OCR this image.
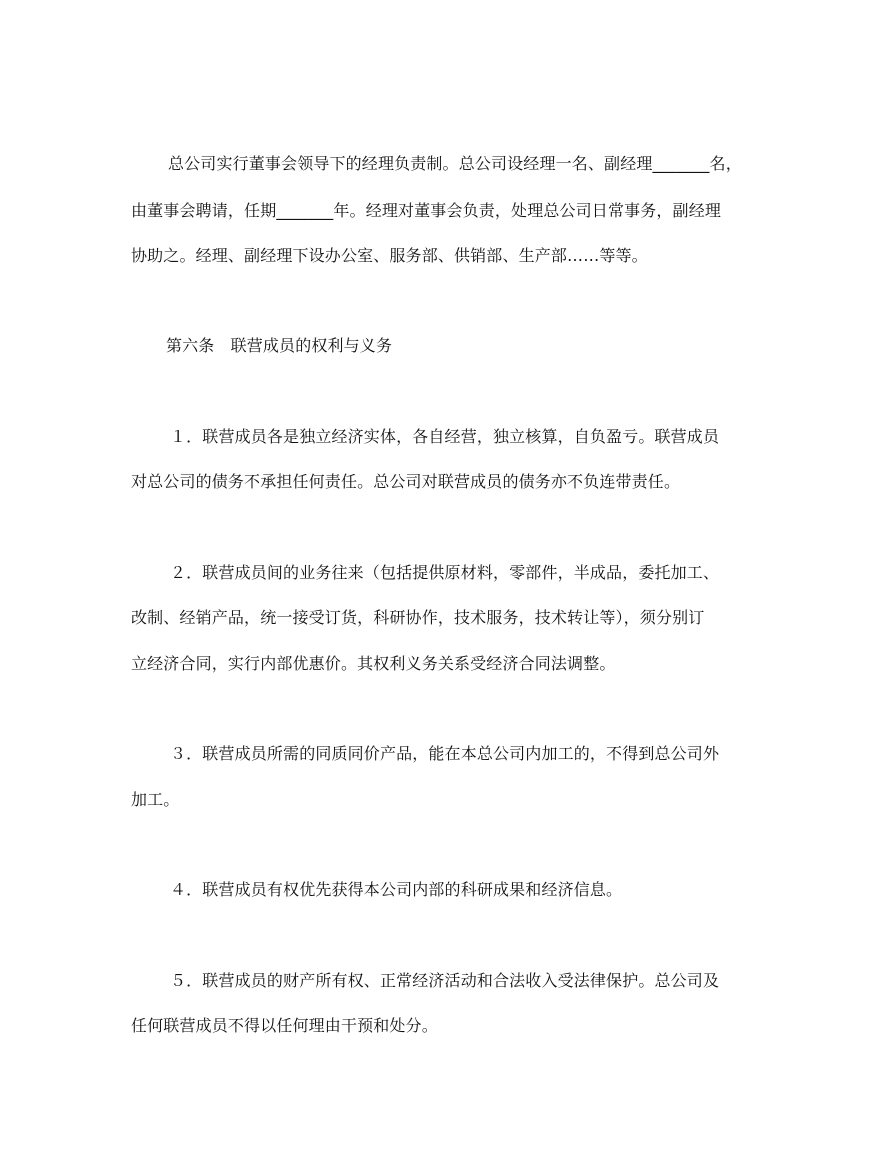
总公司实行董事会领导下的经理负责制。总公司设经理一名、副经理_______名，
由董事会聘请，任期_______年。经理对董事会负责，处理总公司日常事务，副经理
协助之。经理、副经理下设办公室、服务部、供销部、生产部……等等。
第六条　联营成员的权利与义务
１．联营成员各是独立经济实体，各自经营，独立核算，自负盈亏。联营成员
对总公司的债务不承担任何责任。总公司对联营成员的债务亦不负连带责任。
２．联营成员间的业务往来（包括提供原材料，零部件，半成品，委托加工、
改制、经销产品，统一接受订货，科研协作，技术服务，技术转让等），须分别订
立经济合同，实行内部优惠价。其权利义务关系受经济合同法调整。
３．联营成员所需的同质同价产品，能在本总公司内加工的，不得到总公司外
加工。
４．联营成员有权优先获得本公司内部的科研成果和经济信息。
５．联营成员的财产所有权、正常经济活动和合法收入受法律保护。总公司及
任何联营成员不得以任何理由干预和处分。
